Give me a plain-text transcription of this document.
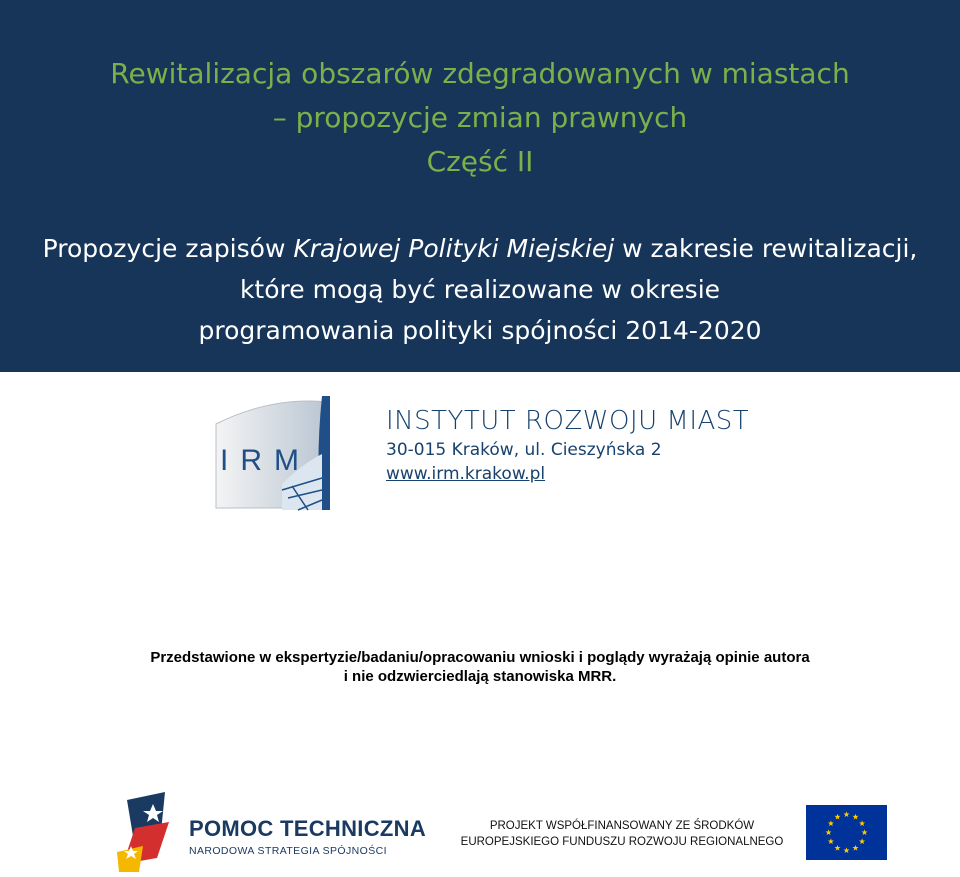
Rewitalizacja obszarów zdegradowanych w miastach
– propozycje zmian prawnych
Część II
Propozycje zapisów Krajowej Polityki Miejskiej w zakresie rewitalizacji,
które mogą być realizowane w okresie
programowania polityki spójności 2014-2020
IRM
INSTYTUT ROZWOJU MIAST
30-015 Kraków, ul. Cieszyńska 2
www.irm.krakow.pl
Przedstawione w ekspertyzie/badaniu/opracowaniu wnioski i poglądy wyrażają opinie autora
i nie odzwierciedlają stanowiska MRR.
POMOC TECHNICZNA
NARODOWA STRATEGIA SPÓJNOŚCI
PROJEKT WSPÓŁFINANSOWANY ZE ŚRODKÓW
EUROPEJSKIEGO FUNDUSZU ROZWOJU REGIONALNEGO
